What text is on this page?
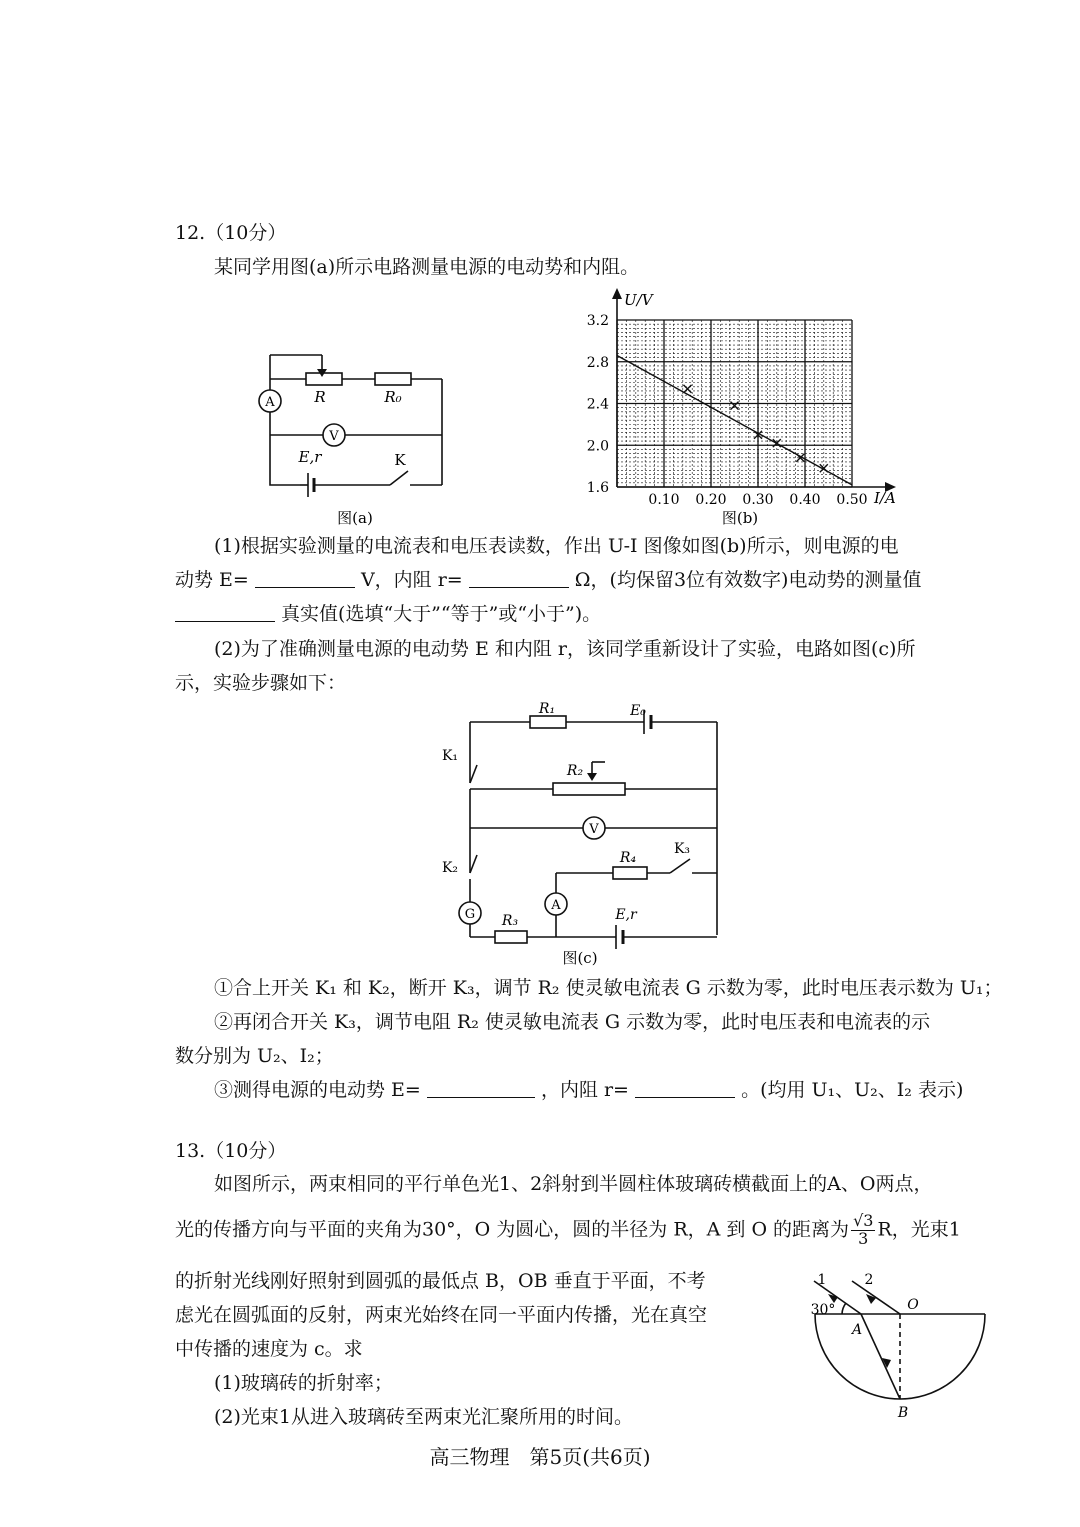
12.（10分）
某同学用图(a)所示电路测量电源的电动势和内阻。
A
V
R	R₀
E,r	K
图(a)
U/V
I/A
1.6
2.0
2.4
2.8
3.2
0.10 0.20 0.30 0.40 0.50
图(b)
(1)根据实验测量的电流表和电压表读数，作出 U-I 图像如图(b)所示，则电源的电
动势 E=	V，内阻 r=	Ω，(均保留3位有效数字)电动势的测量值
真实值(选填“大于”“等于”或“小于”)。
(2)为了准确测量电源的电动势 E 和内阻 r，该同学重新设计了实验，电路如图(c)所
示，实验步骤如下：
R₁	E₀
K₁
R₂
V
K₂
R₄
K₃
G
A
R₃	E,r
图(c)
①合上开关 K₁ 和 K₂，断开 K₃，调节 R₂ 使灵敏电流表 G 示数为零，此时电压表示数为 U₁；
②再闭合开关 K₃，调节电阻 R₂ 使灵敏电流表 G 示数为零，此时电压表和电流表的示
数分别为 U₂、I₂；
③测得电源的电动势 E=	，内阻 r=	。(均用 U₁、U₂、I₂ 表示)
13.（10分）
如图所示，两束相同的平行单色光1、2斜射到半圆柱体玻璃砖横截面上的A、O两点，
光的传播方向与平面的夹角为30°，O 为圆心，圆的半径为 R，A 到 O 的距离为 $\frac{√3}{3}$ R，光束1
的折射光线刚好照射到圆弧的最低点 B，OB 垂直于平面，不考
虑光在圆弧面的反射，两束光始终在同一平面内传播，光在真空
中传播的速度为 c。求
(1)玻璃砖的折射率；
(2)光束1从进入玻璃砖至两束光汇聚所用的时间。
1	2
30°	O
A
B
高三物理　第5页(共6页)
